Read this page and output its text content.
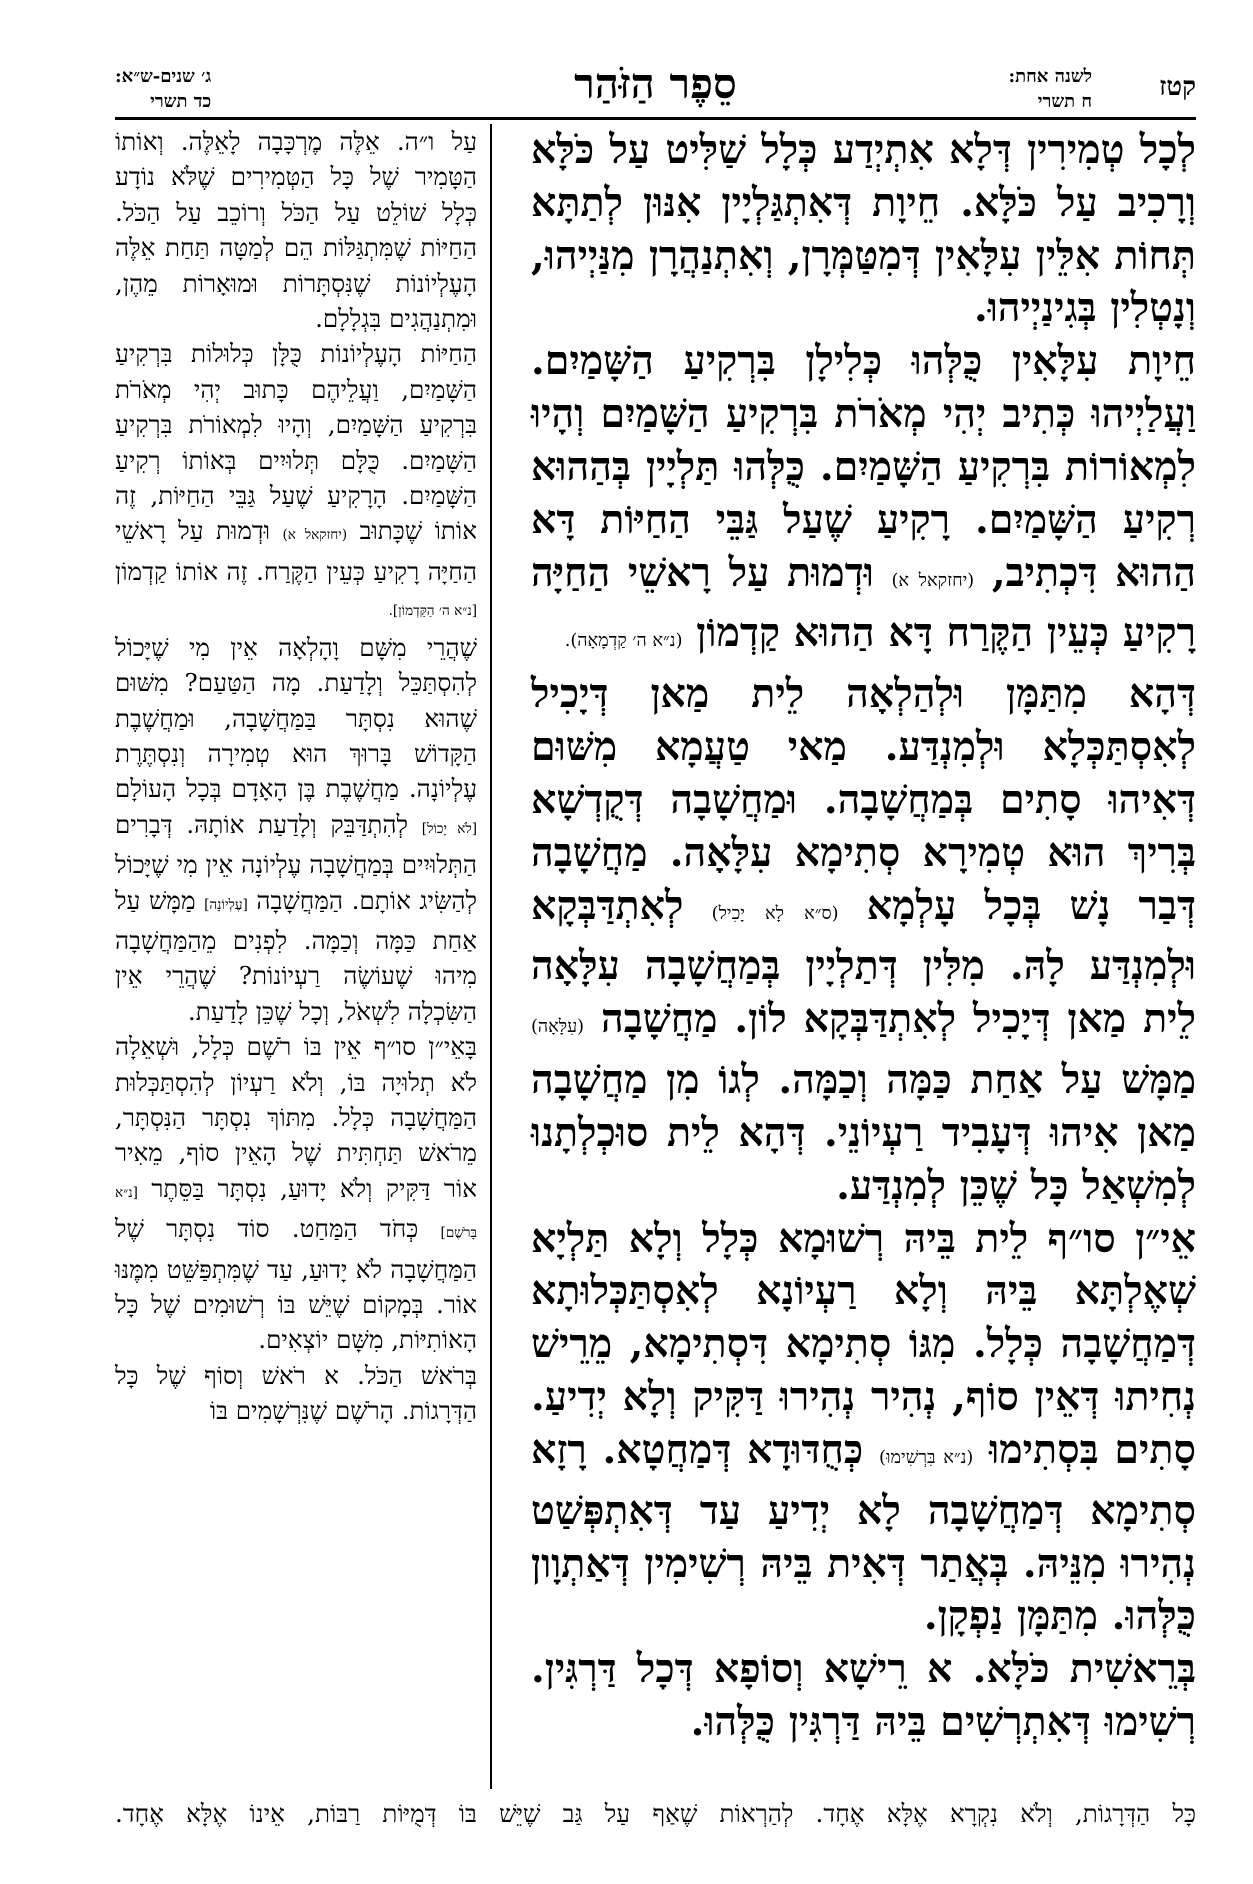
קטז
לשנה אחת:
ח תשרי
סֵפֶר הַזֹּהַר
ג׳ שנים-ש״א:
כד תשרי

לְכָל טְמִירִין דְּלָא אִתְיְדַע כְּלָל שַׁלִּיט עַל כֹּלָּא וְרָכִיב עַל כֹּלָּא. חֵיוָת דְּאִתְגַּלְיָין אִנּוּן לְתַתָּא תְּחוֹת אִלֵּין עִלָּאִין דְּמִטַּמְּרָן, וְאִתְנַהֲרָן מִנַּיְיהוּ, וְנָטְלִין בְּגִינַיְיהוּ.

חֵיוָת עִלָּאִין כֻּלְּהוּ כְּלִילָן בִּרְקִיעַ הַשָּׁמַיִם. וַעֲלַיְיהוּ כְּתִיב יְהִי מְאֹרֹת בִּרְקִיעַ הַשָּׁמַיִם וְהָיוּ לִמְאוֹרוֹת בִּרְקִיעַ הַשָּׁמַיִם. כֻּלְּהוּ תַּלְיָין בְּהַהוּא רְקִיעַ הַשָּׁמַיִם. רָקִיעַ שֶׁעַל גַּבֵּי הַחַיּוֹת דָּא הַהוּא דִּכְתִיב, (יחזקאל א) וּדְמוּת עַל רָאשֵׁי הַחַיָּה רָקִיעַ כְּעֵין הַקֶּרַח דָּא הַהוּא קַדְמוֹן (נ״א ה׳ קַדְמָאָה).

דְּהָא מִתַּמָּן וּלְהַלְאָה לֵית מַאן דְּיָכִיל לְאִסְתַּכְּלָא וּלְמִנְדַּע. מַאי טַעֲמָא מִשּׁוּם דְּאִיהוּ סָתִים בְּמַחֲשָׁבָה. וּמַחֲשָׁבָה דְּקֻדְשָׁא בְּרִיךְ הוּא טְמִירָא סְתִימָא עִלָּאָה. מַחֲשָׁבָה דְּבַר נָשׁ בְּכָל עָלְמָא (ס״א לָא יָכִיל) לְאִתְדַּבְּקָא וּלְמִנְדַּע לָהּ. מִלִּין דְּתַלְיָין בְּמַחֲשָׁבָה עִלָּאָה לֵית מַאן דְּיָכִיל לְאִתְדַּבְּקָא לוֹן. מַחֲשָׁבָה (עִלָּאָה) מַמָּשׁ עַל אַחַת כַּמָּה וְכַמָּה. לְגוֹ מִן מַחֲשָׁבָה מַאן אִיהוּ דְּעָבִיד רַעְיוֹנֵי. דְּהָא לֵית סוּכְלְתָנוּ לְמִשְׁאַל כָּל שֶׁכֵּן לְמִנְדַּע.

אֵי״ן סו״ף לֵית בֵּיהּ רְשׁוּמָא כְּלָל וְלָא תַּלְיָא שְׁאֶלְתָּא בֵּיהּ וְלָא רַעְיוֹנָא לְאִסְתַּכְּלוּתָא דְּמַחֲשָׁבָה כְּלָל. מִגּוֹ סְתִימָא דִּסְתִימָא, מֵרֵישׁ נְחִיתוּ דְּאֵין סוֹף, נְהִיר נְהִירוּ דַּקִּיק וְלָא יְדִיעַ. סָתִים בִּסְתִימוּ (נ״א בִּרְשִׁימוּ) כְּחֻדּוּדָא דְּמַחֲטָא. רָזָא סְתִימָא דְּמַחֲשָׁבָה לָא יְדִיעַ עַד דְּאִתְפְּשַׁט נְהִירוּ מִנֵּיהּ. בְּאֲתַר דְּאִית בֵּיהּ רְשִׁימִין דְּאַתְוָון כֻּלְּהוּ. מִתַּמָּן נַפְקָן.

בְּרֵאשִׁית כֹּלָּא. א רֵישָׁא וְסוֹפָא דְּכָל דַּרְגִּין. רְשִׁימוּ דְּאִתְרְשִׁים בֵּיהּ דַּרְגִּין כֻּלְּהוּ.

עַל ו״ה. אֵלֶּה מֶרְכָּבָה לָאֵלֶּה. וְאוֹתוֹ הַטָּמִיר שֶׁל כָּל הַטְּמִירִים שֶׁלֹּא נוֹדָע כְּלָל שׁוֹלֵט עַל הַכֹּל וְרוֹכֵב עַל הַכֹּל. הַחַיּוֹת שֶׁמִּתְגַּלּוֹת הֵם לְמַטָּה תַּחַת אֵלֶּה הָעֶלְיוֹנוֹת שֶׁנִּסְתָּרוֹת וּמוּאָרוֹת מֵהֶן, וּמִתְנַהֲגִים בִּגְלָלָם.

הַחַיּוֹת הָעֶלְיוֹנוֹת כֻּלָּן כְּלוּלוֹת בִּרְקִיעַ הַשָּׁמַיִם, וַעֲלֵיהֶם כָּתוּב יְהִי מְאֹרֹת בִּרְקִיעַ הַשָּׁמַיִם, וְהָיוּ לִמְאוֹרֹת בִּרְקִיעַ הַשָּׁמַיִם. כֻּלָּם תְּלוּיִים בְּאוֹתוֹ רְקִיעַ הַשָּׁמַיִם. הָרָקִיעַ שֶׁעַל גַּבֵּי הַחַיּוֹת, זֶה אוֹתוֹ שֶׁכָּתוּב (יחזקאל א) וּדְמוּת עַל רָאשֵׁי הַחַיָּה רָקִיעַ כְּעֵין הַקֶּרַח. זֶה אוֹתוֹ קַדְמוֹן [נ״א ה׳ הַקַּדְמוֹן].

שֶׁהֲרֵי מִשָּׁם וָהָלְאָה אֵין מִי שֶׁיָּכוֹל לְהִסְתַּכֵּל וְלָדַעַת. מָה הַטַּעַם? מִשּׁוּם שֶׁהוּא נִסְתָּר בַּמַּחֲשָׁבָה, וּמַחֲשֶׁבֶת הַקָּדוֹשׁ בָּרוּךְ הוּא טְמִירָה וְנִסְתֶּרֶת עֶלְיוֹנָה. מַחֲשֶׁבֶת בֶּן הָאָדָם בְּכָל הָעוֹלָם [לֹא יָכוֹל] לְהִתְדַּבֵּק וְלָדַעַת אוֹתָהּ. דְּבָרִים הַתְּלוּיִים בְּמַחֲשָׁבָה עֶלְיוֹנָה אֵין מִי שֶׁיָּכוֹל לְהַשִּׂיג אוֹתָם. הַמַּחֲשָׁבָה [עֶלְיוֹנָה] מַמָּשׁ עַל אַחַת כַּמָּה וְכַמָּה. לִפְנִים מֵהַמַּחֲשָׁבָה מִיהוּ שֶׁעוֹשֶׂה רַעְיוֹנוֹת? שֶׁהֲרֵי אֵין הַשִּׂכְלָה לִשְׁאֹל, וְכָל שֶׁכֵּן לָדַעַת.

בָּאֵי״ן סו״ף אֵין בּוֹ רֹשֶׁם כְּלָל, וּשְׁאֵלָה לֹא תְלוּיָה בּוֹ, וְלֹא רַעְיוֹן לְהִסְתַּכְּלוּת הַמַּחֲשָׁבָה כְּלָל. מִתּוֹךְ נִסְתָּר הַנִּסְתָּר, מֵרֹאשׁ תַּחְתִּית שֶׁל הָאֵין סוֹף, מֵאִיר אוֹר דַּקִּיק וְלֹא יָדוּעַ, נִסְתָּר בַּסֵּתֶר [נ״א בָּרֹשֶׁם] כְּחֹד הַמַּחַט. סוֹד נִסְתָּר שֶׁל הַמַּחֲשָׁבָה לֹא יָדוּעַ, עַד שֶׁמִּתְפַּשֵּׁט מִמֶּנּוּ אוֹר. בְּמָקוֹם שֶׁיֵּשׁ בּוֹ רְשׁוּמִים שֶׁל כָּל הָאוֹתִיּוֹת, מִשָּׁם יוֹצְאִים.

בְּרֹאשׁ הַכֹּל. א רֹאשׁ וְסוֹף שֶׁל כָּל הַדְּרָגוֹת. הָרֹשֶׁם שֶׁנִּרְשָׁמִים בּוֹ

כָּל הַדְּרָגוֹת, וְלֹא נִקְרָא אֶלָּא אֶחָד. לְהַרְאוֹת שֶׁאַף עַל גַּב שֶׁיֵּשׁ בּוֹ דְּמֻיּוֹת רַבּוֹת, אֵינוֹ אֶלָּא אֶחָד.
